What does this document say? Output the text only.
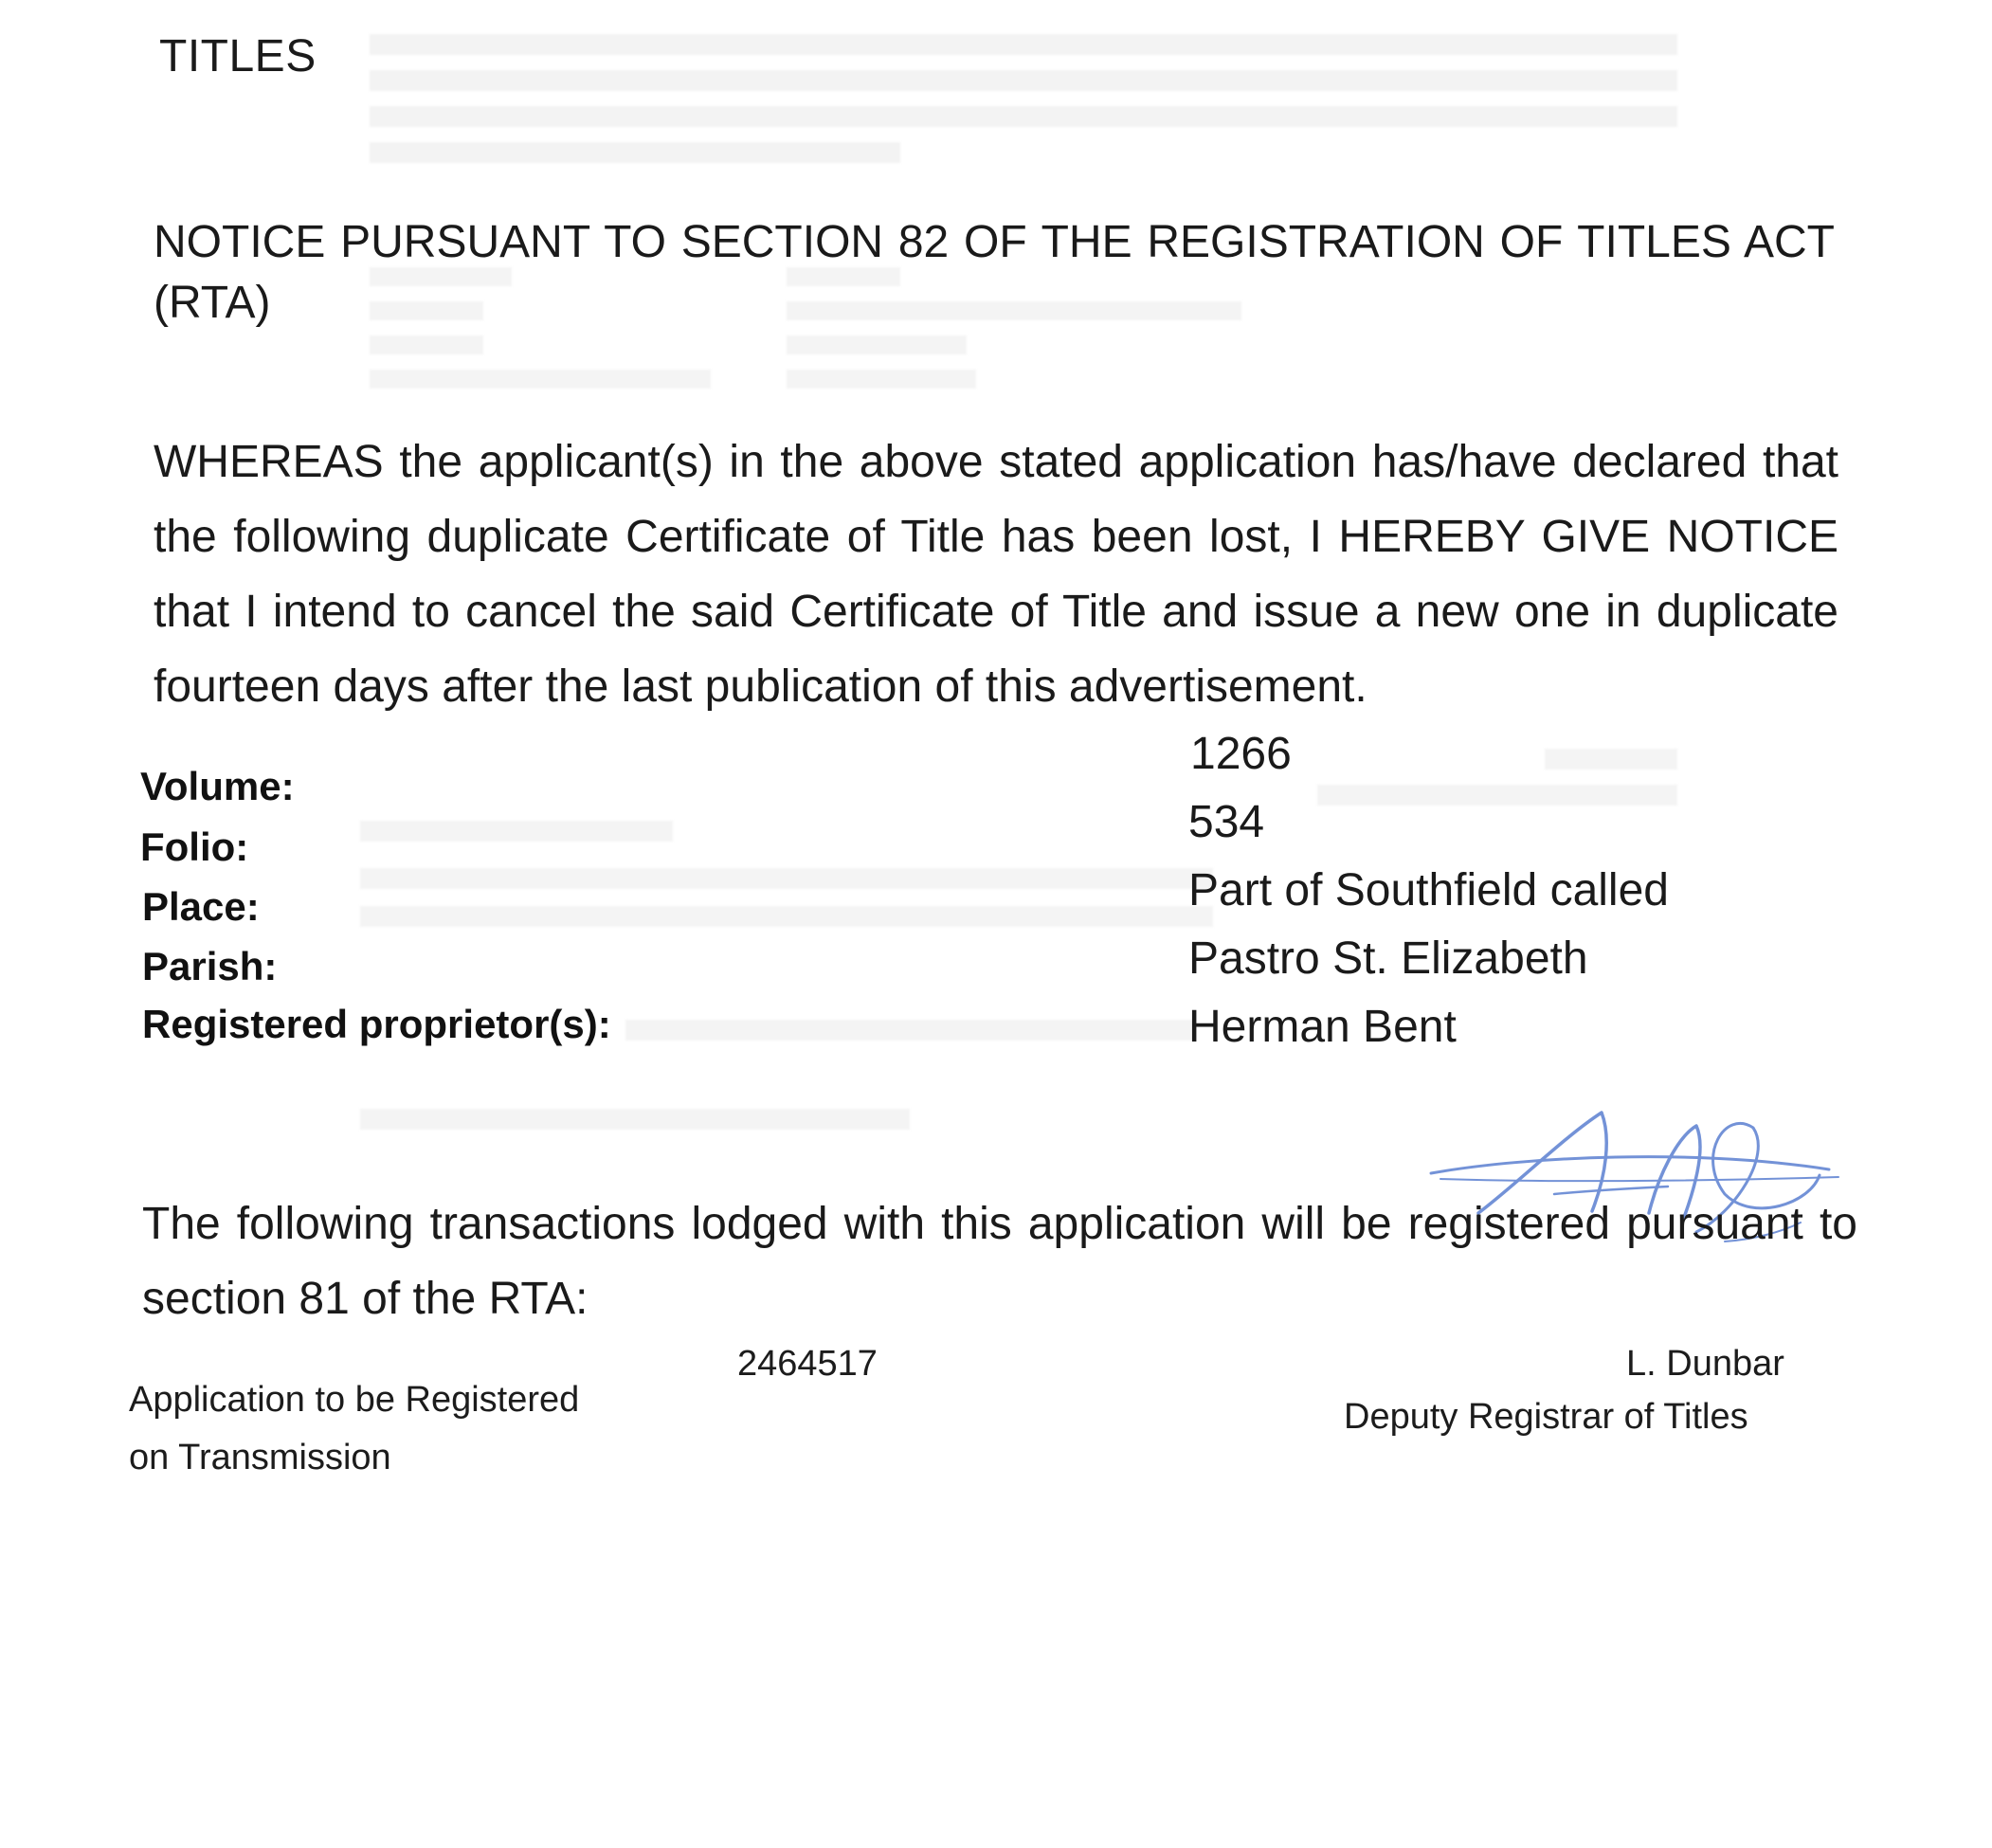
TITLES
NOTICE PURSUANT TO SECTION 82 OF THE REGISTRATION OF TITLES ACT (RTA)
WHEREAS the applicant(s) in the above stated application has/have declared that the following duplicate Certificate of Title has been lost, I HEREBY GIVE NOTICE that I intend to cancel the said Certificate of Title and issue a new one in duplicate fourteen days after the last publication of this advertisement.
Volume:
1266
Folio:	534
Place:	Part of Southfield called
Parish:	Pastro St. Elizabeth
Registered proprietor(s):	Herman Bent
The following transactions lodged with this application will be registered pursuant to section 81 of the RTA:
2464517
Application to be Registered
on Transmission
L. Dunbar
Deputy Registrar of Titles
